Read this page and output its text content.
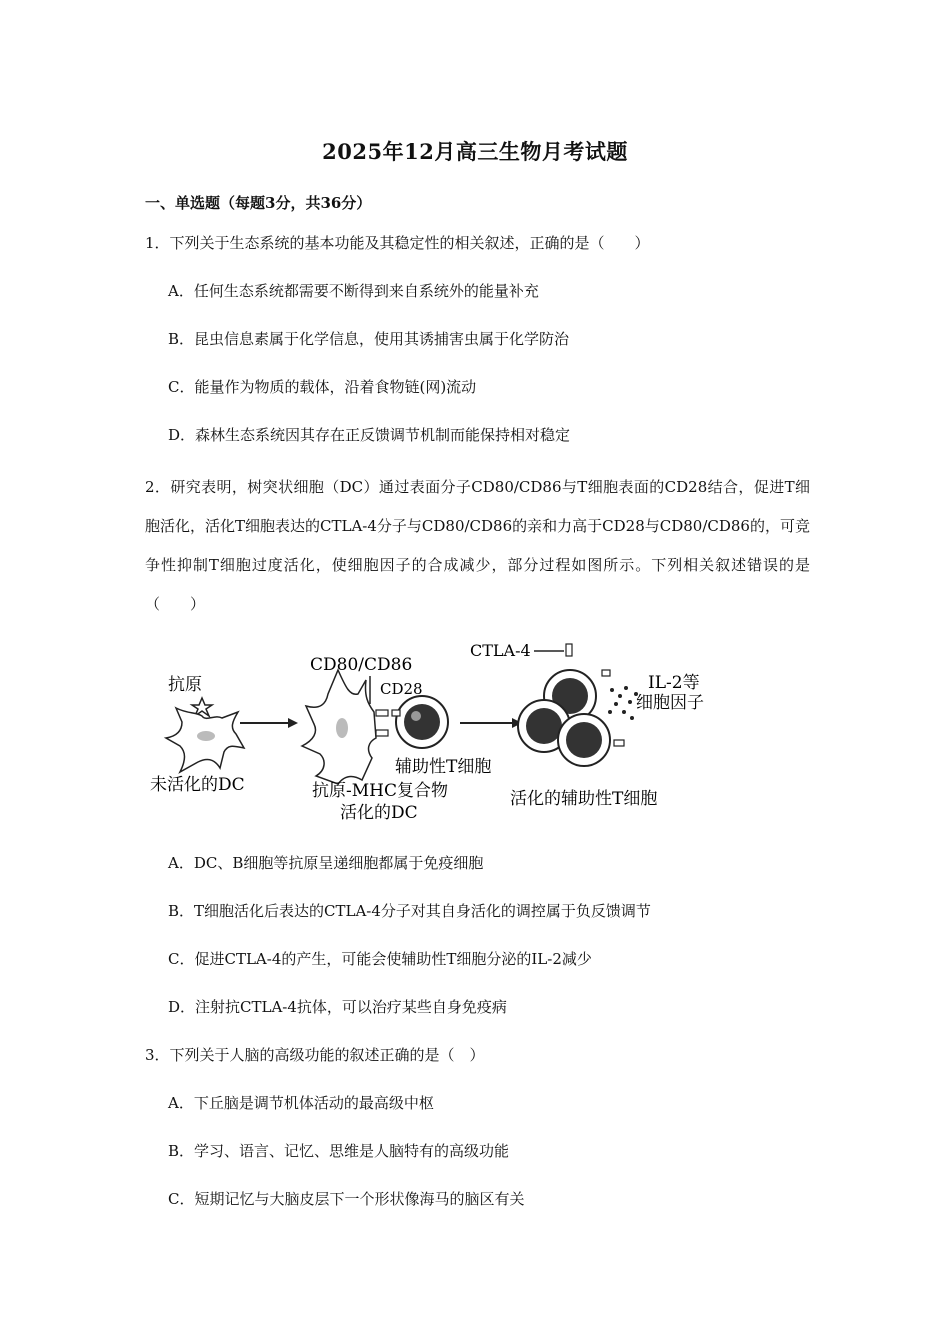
2025年12月高三生物月考试题
一、单选题（每题3分，共36分）
1．下列关于生态系统的基本功能及其稳定性的相关叙述，正确的是（　　）
A．任何生态系统都需要不断得到来自系统外的能量补充
B．昆虫信息素属于化学信息，使用其诱捕害虫属于化学防治
C．能量作为物质的载体，沿着食物链(网)流动
D．森林生态系统因其存在正反馈调节机制而能保持相对稳定
2．研究表明，树突状细胞（DC）通过表面分子CD80/CD86与T细胞表面的CD28结合，促进T细胞活化，活化T细胞表达的CTLA-4分子与CD80/CD86的亲和力高于CD28与CD80/CD86的，可竞争性抑制T细胞过度活化，使细胞因子的合成减少，部分过程如图所示。下列相关叙述错误的是（　　）
抗原
未活化的DC
CD80/CD86
CD28
辅助性T细胞
抗原-MHC复合物
活化的DC
CTLA-4
IL-2等
细胞因子
活化的辅助性T细胞
A．DC、B细胞等抗原呈递细胞都属于免疫细胞
B．T细胞活化后表达的CTLA-4分子对其自身活化的调控属于负反馈调节
C．促进CTLA-4的产生，可能会使辅助性T细胞分泌的IL-2减少
D．注射抗CTLA-4抗体，可以治疗某些自身免疫病
3．下列关于人脑的高级功能的叙述正确的是（　）
A．下丘脑是调节机体活动的最高级中枢
B．学习、语言、记忆、思维是人脑特有的高级功能
C．短期记忆与大脑皮层下一个形状像海马的脑区有关
